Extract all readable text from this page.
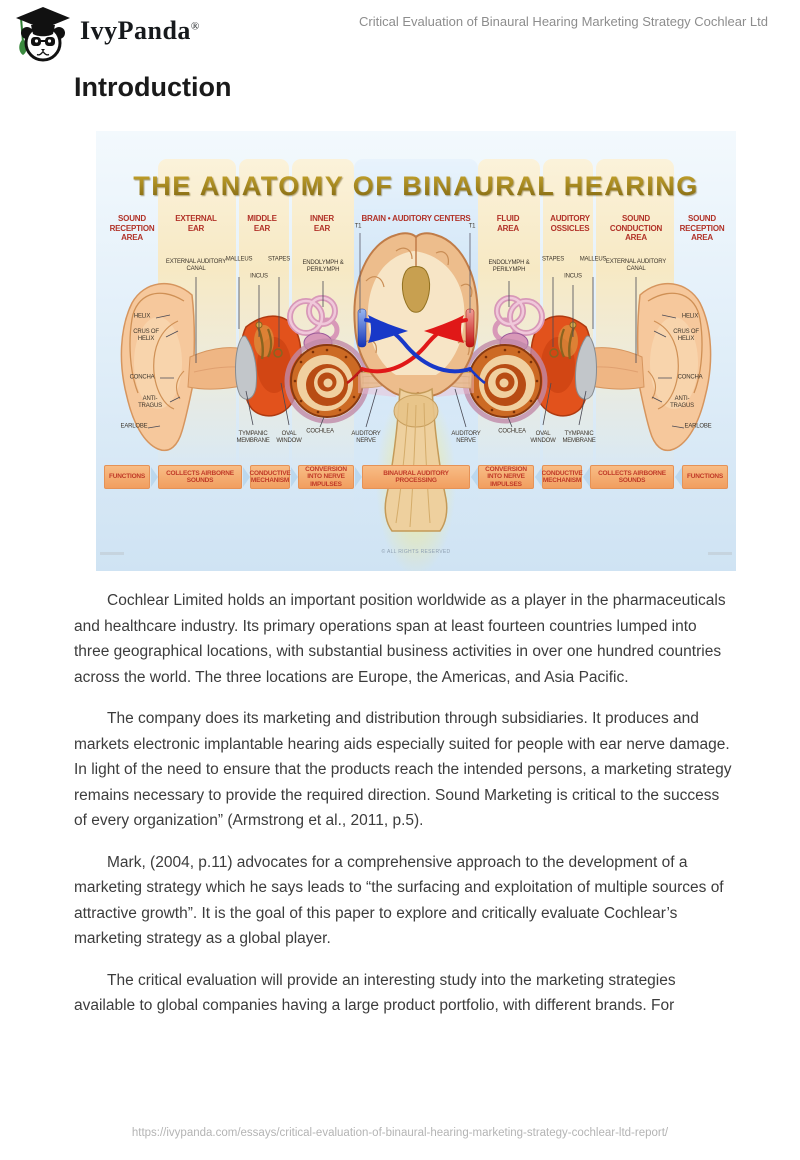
IvyPanda®	Critical Evaluation of Binaural Hearing Marketing Strategy Cochlear Ltd
Introduction
THE ANATOMY OF BINAURAL HEARING
SOUND RECEPTION AREA
EXTERNAL EAR
MIDDLE EAR
INNER EAR
BRAIN • AUDITORY CENTERS	FLUID AREA
AUDITORY OSSICLES
SOUND CONDUCTION AREA
SOUND RECEPTION AREA
EXTERNAL AUDITORY CANAL
MALLEUS
INCUS
STAPES
ENDOLYMPH & PERILYMPH
HELIX
CRUS OF HELIX
CONCHA
ANTI-TRAGUS
EARLOBE
TYMPANIC MEMBRANE
OVAL WINDOW
COCHLEA	AUDITORY NERVE
T1
EXTERNAL AUDITORY CANAL
MALLEUS
INCUS
STAPES
ENDOLYMPH & PERILYMPH
HELIX
CRUS OF HELIX
CONCHA
ANTI-TRAGUS
EARLOBE
TYMPANIC MEMBRANE
OVAL WINDOW
COCHLEA
AUDITORY NERVE
T1
FUNCTIONS
COLLECTS AIRBORNE SOUNDS
CONDUCTIVE MECHANISM
CONVERSION INTO NERVE IMPULSES
BINAURAL AUDITORY PROCESSING
CONVERSION INTO NERVE IMPULSES
CONDUCTIVE MECHANISM
COLLECTS AIRBORNE SOUNDS
FUNCTIONS
© ALL RIGHTS RESERVED

Cochlear Limited holds an important position worldwide as a player in the pharmaceuticals and healthcare industry. Its primary operations span at least fourteen countries lumped into three geographical locations, with substantial business activities in over one hundred countries across the world. The three locations are Europe, the Americas, and Asia Pacific.

The company does its marketing and distribution through subsidiaries. It produces and markets electronic implantable hearing aids especially suited for people with ear nerve damage. In light of the need to ensure that the products reach the intended persons, a marketing strategy remains necessary to provide the required direction. Sound Marketing is critical to the success of every organization” (Armstrong et al., 2011, p.5).

Mark, (2004, p.11) advocates for a comprehensive approach to the development of a marketing strategy which he says leads to “the surfacing and exploitation of multiple sources of attractive growth”. It is the goal of this paper to explore and critically evaluate Cochlear’s marketing strategy as a global player.

The critical evaluation will provide an interesting study into the marketing strategies available to global companies having a large product portfolio, with different brands. For

https://ivypanda.com/essays/critical-evaluation-of-binaural-hearing-marketing-strategy-cochlear-ltd-report/
